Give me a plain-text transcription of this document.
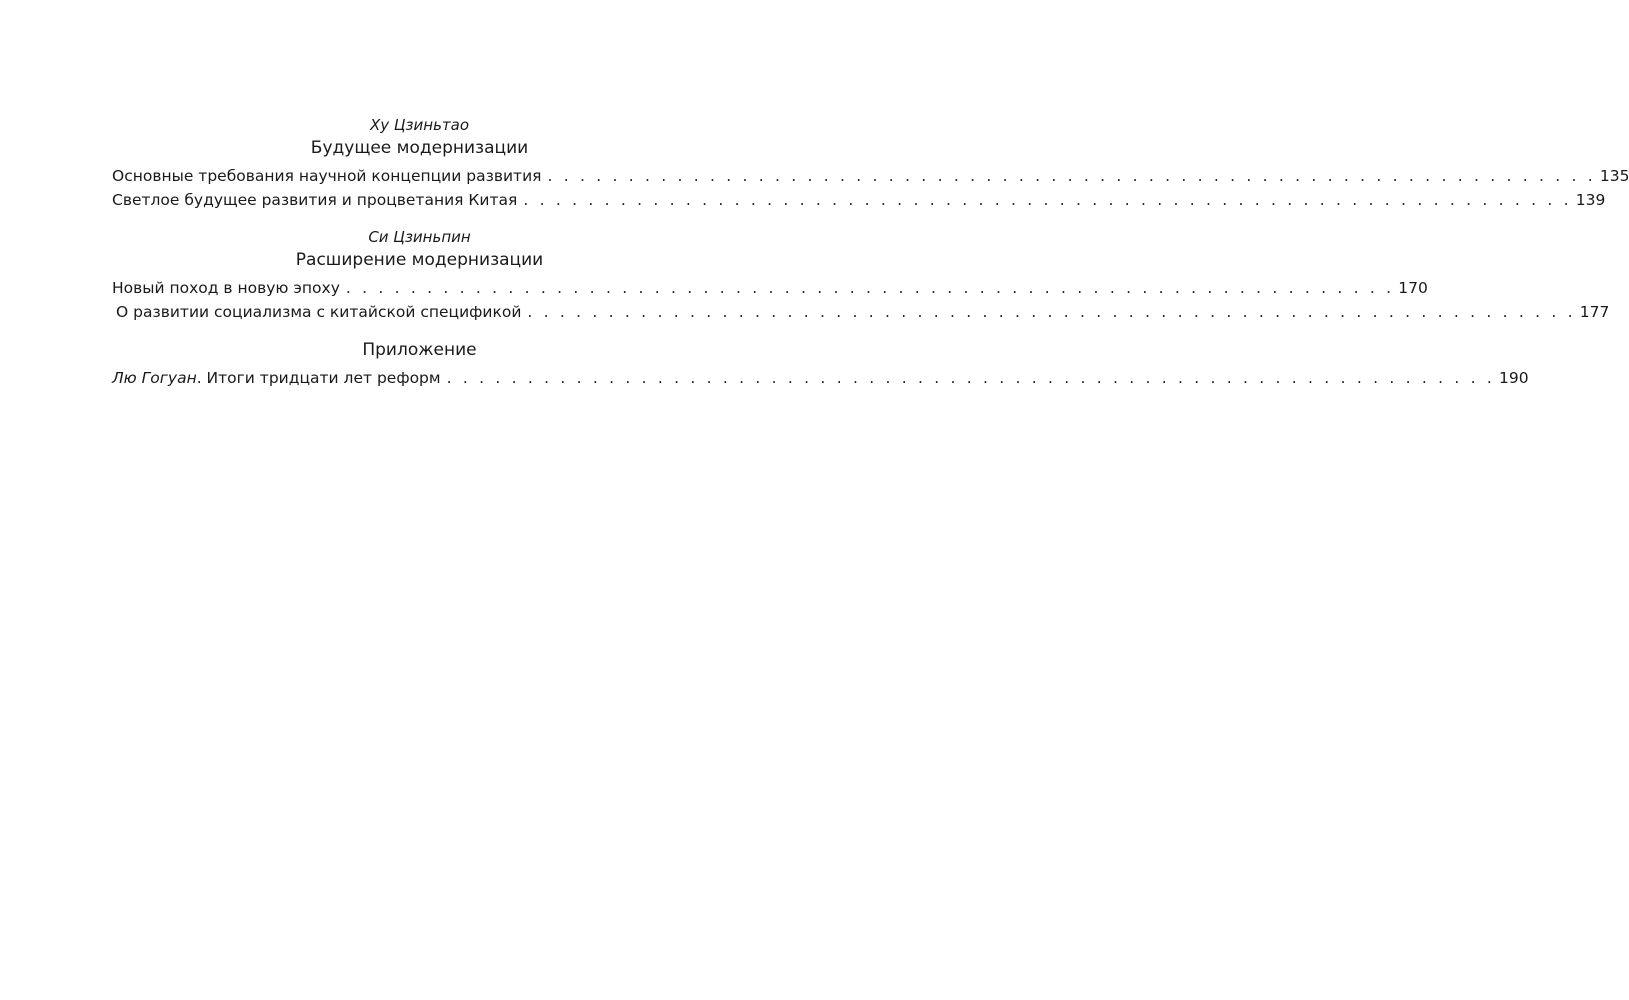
Ху Цзиньтао
Будущее модернизации
Основные требования научной концепции развития . . . . . . . . . . . . . . . . . . . . . . . . . . . . . . . . . . . . . . . . . . . . . . . . . . . . . . . . . . . . . . . . . 135
Светлое будущее развития и процветания Китая . . . . . . . . . . . . . . . . . . . . . . . . . . . . . . . . . . . . . . . . . . . . . . . . . . . . . . . . . . . . . . . . . 139
Си Цзиньпин
Расширение модернизации
Новый поход в новую эпоху . . . . . . . . . . . . . . . . . . . . . . . . . . . . . . . . . . . . . . . . . . . . . . . . . . . . . . . . . . . . . . . . . 170
О развитии социализма с китайской спецификой . . . . . . . . . . . . . . . . . . . . . . . . . . . . . . . . . . . . . . . . . . . . . . . . . . . . . . . . . . . . . . . . . 177
Приложение
Лю Гогуан. Итоги тридцати лет реформ . . . . . . . . . . . . . . . . . . . . . . . . . . . . . . . . . . . . . . . . . . . . . . . . . . . . . . . . . . . . . . . . . 190
